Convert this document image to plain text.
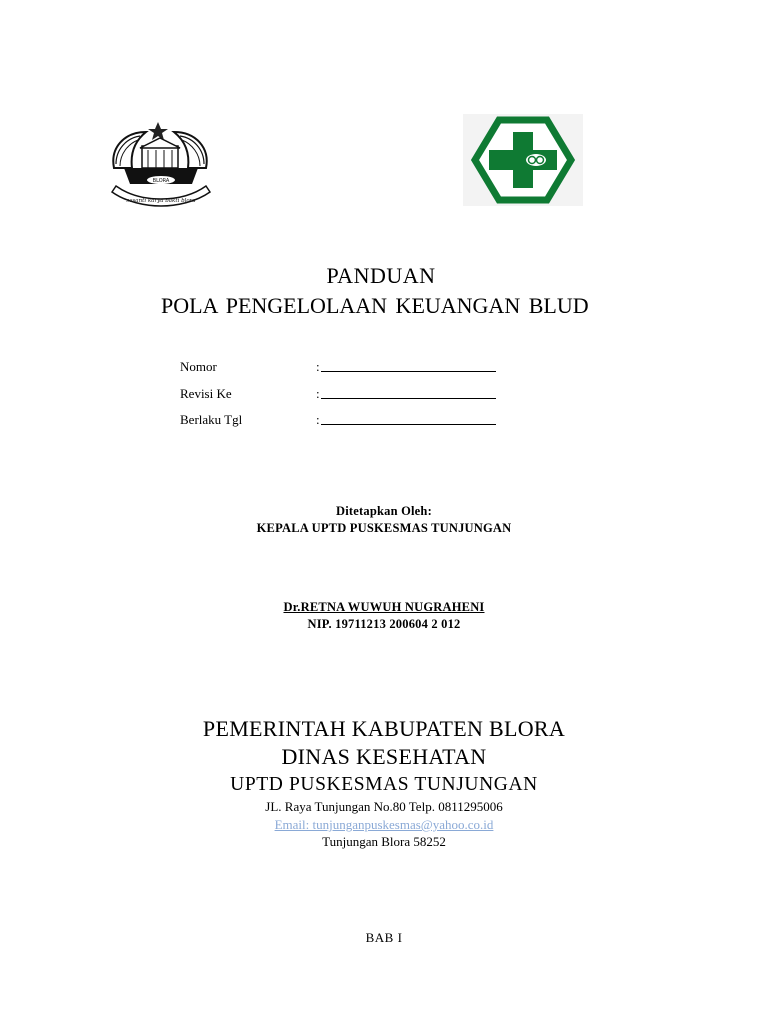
BLORA
sesanti karya bakti blora
PANDUAN
POLA PENGELOLAAN KEUANGAN BLUD
Nomor	:
Revisi Ke	:
Berlaku Tgl	:
Ditetapkan Oleh:
KEPALA UPTD PUSKESMAS TUNJUNGAN
Dr.RETNA WUWUH NUGRAHENI
NIP. 19711213 200604 2 012
PEMERINTAH KABUPATEN BLORA
DINAS KESEHATAN
UPTD PUSKESMAS TUNJUNGAN
JL. Raya Tunjungan No.80 Telp. 0811295006
Email: tunjunganpuskesmas@yahoo.co.id
Tunjungan Blora 58252
BAB I
